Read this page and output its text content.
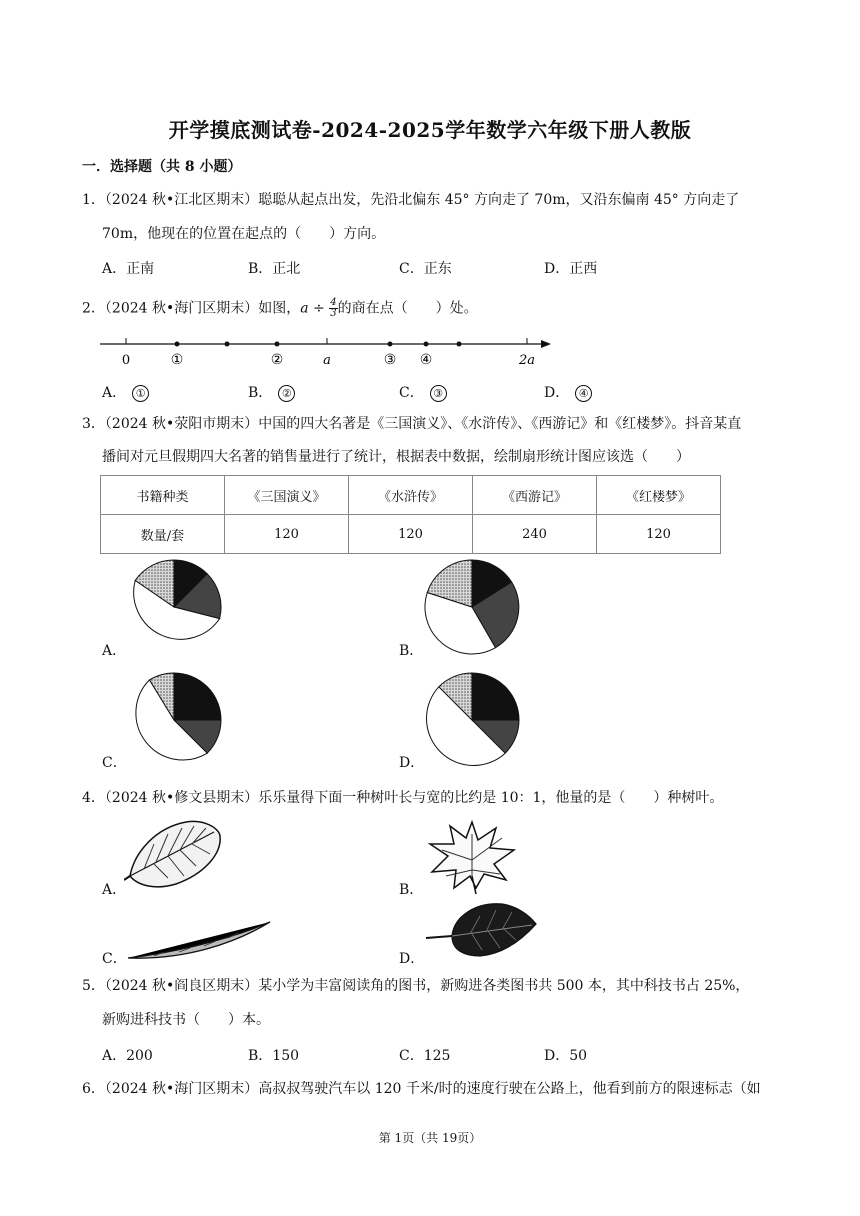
开学摸底测试卷-2024-2025学年数学六年级下册人教版
一．选择题（共 8 小题）
1．（2024 秋•江北区期末）聪聪从起点出发，先沿北偏东 45° 方向走了 70m，又沿东偏南 45° 方向走了
70m，他现在的位置在起点的（　　）方向。
A．正南	B．正北	C．正东	D．正西
2．（2024 秋•海门区期末）如图，$a \div \frac{4}{3}$ 的商在点（　　）处。
0	①	②	a	③ ④	2a
A． ①	B． ②	C． ③	D． ④
3．（2024 秋•荥阳市期末）中国的四大名著是《三国演义》、《水浒传》、《西游记》和《红楼梦》。抖音某直
播间对元旦假期四大名著的销售量进行了统计，根据表中数据，绘制扇形统计图应该选（　　）
书籍种类	《三国演义》	《水浒传》	《西游记》	《红楼梦》
数量/套	120	120	240	120
A．	B．
C．	D．
4．（2024 秋•修文县期末）乐乐量得下面一种树叶长与宽的比约是 10：1，他量的是（　　）种树叶。
A．	B．
C．	D．
5．（2024 秋•阎良区期末）某小学为丰富阅读角的图书，新购进各类图书共 500 本，其中科技书占 25%，
新购进科技书（　　）本。
A．200	B．150	C．125	D．50
6．（2024 秋•海门区期末）高叔叔驾驶汽车以 120 千米/时的速度行驶在公路上，他看到前方的限速标志（如
第 1页（共 19页）
